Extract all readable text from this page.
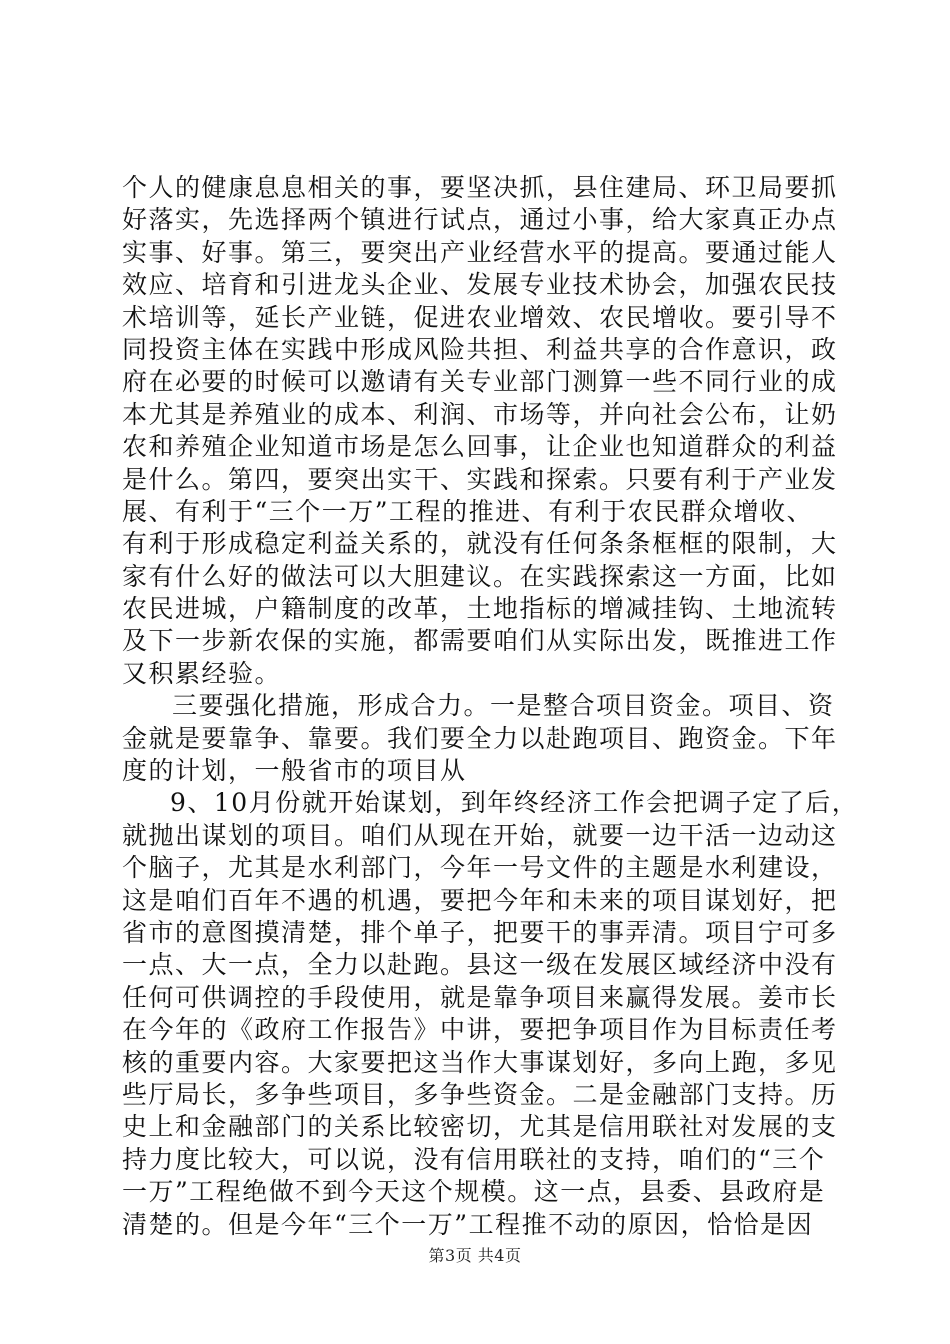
个人的健康息息相关的事，要坚决抓，县住建局、环卫局要抓
好落实，先选择两个镇进行试点，通过小事，给大家真正办点
实事、好事。第三，要突出产业经营水平的提高。要通过能人
效应、培育和引进龙头企业、发展专业技术协会，加强农民技
术培训等，延长产业链，促进农业增效、农民增收。要引导不
同投资主体在实践中形成风险共担、利益共享的合作意识，政
府在必要的时候可以邀请有关专业部门测算一些不同行业的成
本尤其是养殖业的成本、利润、市场等，并向社会公布，让奶
农和养殖企业知道市场是怎么回事，让企业也知道群众的利益
是什么。第四，要突出实干、实践和探索。只要有利于产业发
展、有利于“三个一万”工程的推进、有利于农民群众增收、
有利于形成稳定利益关系的，就没有任何条条框框的限制，大
家有什么好的做法可以大胆建议。在实践探索这一方面，比如
农民进城，户籍制度的改革，土地指标的增减挂钩、土地流转
及下一步新农保的实施，都需要咱们从实际出发，既推进工作
又积累经验。
三要强化措施，形成合力。一是整合项目资金。项目、资
金就是要靠争、靠要。我们要全力以赴跑项目、跑资金。下年
度的计划，一般省市的项目从
9、10月份就开始谋划，到年终经济工作会把调子定了后，
就抛出谋划的项目。咱们从现在开始，就要一边干活一边动这
个脑子，尤其是水利部门，今年一号文件的主题是水利建设，
这是咱们百年不遇的机遇，要把今年和未来的项目谋划好，把
省市的意图摸清楚，排个单子，把要干的事弄清。项目宁可多
一点、大一点，全力以赴跑。县这一级在发展区域经济中没有
任何可供调控的手段使用，就是靠争项目来赢得发展。姜市长
在今年的《政府工作报告》中讲，要把争项目作为目标责任考
核的重要内容。大家要把这当作大事谋划好，多向上跑，多见
些厅局长，多争些项目，多争些资金。二是金融部门支持。历
史上和金融部门的关系比较密切，尤其是信用联社对发展的支
持力度比较大，可以说，没有信用联社的支持，咱们的“三个
一万”工程绝做不到今天这个规模。这一点，县委、县政府是
清楚的。但是今年“三个一万”工程推不动的原因，恰恰是因
第3页 共4页
